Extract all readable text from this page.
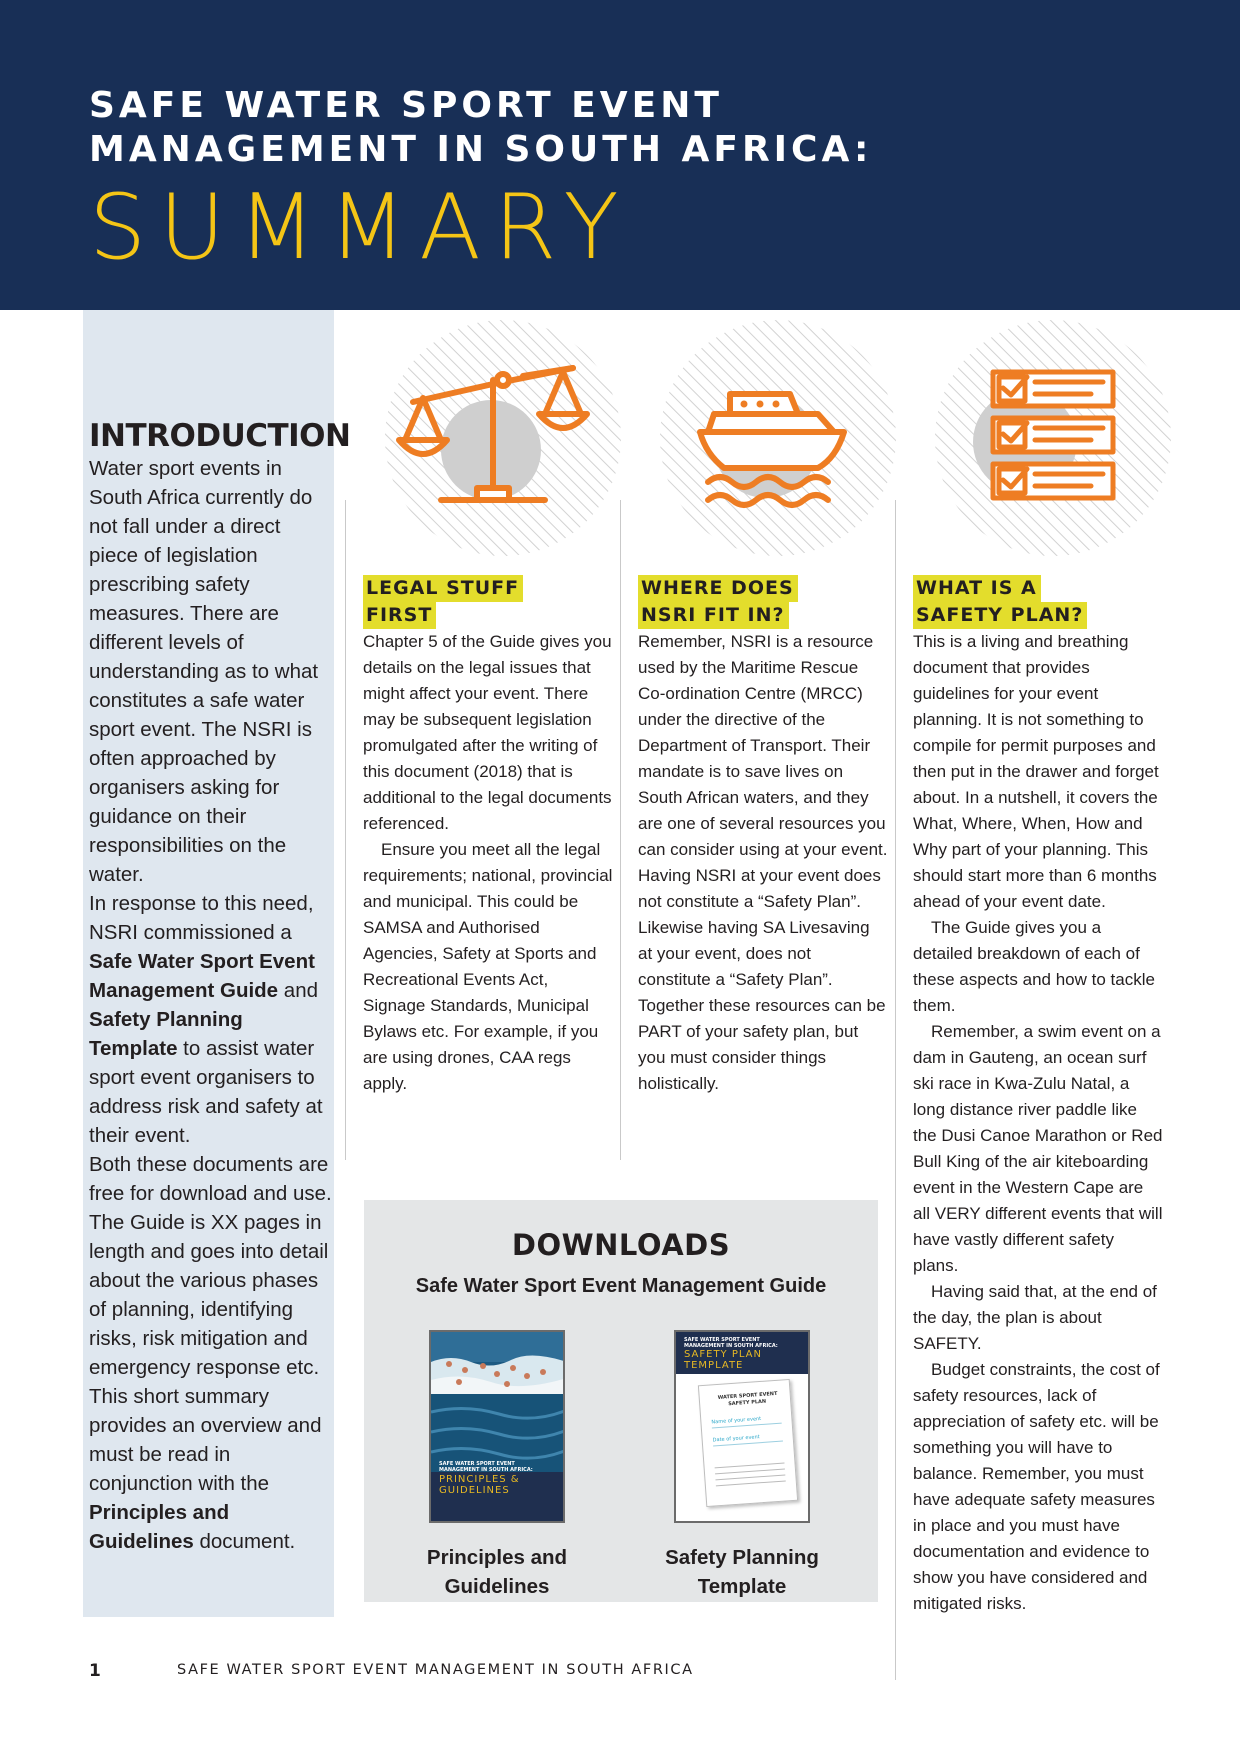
SAFE WATER SPORT EVENT
MANAGEMENT IN SOUTH AFRICA:
SUMMARY
INTRODUCTION

Water sport events in South Africa currently do not fall under a direct piece of legislation prescribing safety measures. There are different levels of understanding as to what constitutes a safe water sport event. The NSRI is often approached by organisers asking for guidance on their responsibilities on the water.

In response to this need, NSRI commissioned a Safe Water Sport Event Management Guide and Safety Planning Template to assist water sport event organisers to address risk and safety at their event.

Both these documents are free for download and use. The Guide is XX pages in length and goes into detail about the various phases of planning, identifying risks, risk mitigation and emergency response etc. This short summary provides an overview and must be read in conjunction with the Principles and Guidelines document.

LEGAL STUFF
FIRST

Chapter 5 of the Guide gives you details on the legal issues that might affect your event. There may be subsequent legislation promulgated after the writing of this document (2018) that is additional to the legal documents referenced.

Ensure you meet all the legal requirements; national, provincial and municipal. This could be SAMSA and Authorised Agencies, Safety at Sports and Recreational Events Act, Signage Standards, Municipal Bylaws etc. For example, if you are using drones, CAA regs apply.

WHERE DOES
NSRI FIT IN?

Remember, NSRI is a resource used by the Maritime Rescue Co-ordination Centre (MRCC) under the directive of the Department of Transport. Their mandate is to save lives on South African waters, and they are one of several resources you can consider using at your event. Having NSRI at your event does not constitute a “Safety Plan”. Likewise having SA Livesaving at your event, does not constitute a “Safety Plan”. Together these resources can be PART of your safety plan, but you must consider things holistically.

WHAT IS A
SAFETY PLAN?

This is a living and breathing document that provides guidelines for your event planning. It is not something to compile for permit purposes and then put in the drawer and forget about. In a nutshell, it covers the What, Where, When, How and Why part of your planning. This should start more than 6 months ahead of your event date.

The Guide gives you a detailed breakdown of each of these aspects and how to tackle them.

Remember, a swim event on a dam in Gauteng, an ocean surf ski race in Kwa-Zulu Natal, a long distance river paddle like the Dusi Canoe Marathon or Red Bull King of the air kiteboarding event in the Western Cape are all VERY different events that will have vastly different safety plans.

Having said that, at the end of the day, the plan is about SAFETY.

Budget constraints, the cost of safety resources, lack of appreciation of safety etc. will be something you will have to balance. Remember, you must have adequate safety measures in place and you must have documentation and evidence to show you have considered and mitigated risks.

DOWNLOADS
Safe Water Sport Event Management Guide
SAFE WATER SPORT EVENT
MANAGEMENT IN SOUTH AFRICA:
PRINCIPLES &
GUIDELINES
SAFE WATER SPORT EVENT
MANAGEMENT IN SOUTH AFRICA:
SAFETY PLAN
TEMPLATE
WATER SPORT EVENT
SAFETY PLAN
Name of your event
Date of your event
Principles and
Guidelines
Safety Planning
Template
1	SAFE WATER SPORT EVENT MANAGEMENT IN SOUTH AFRICA
